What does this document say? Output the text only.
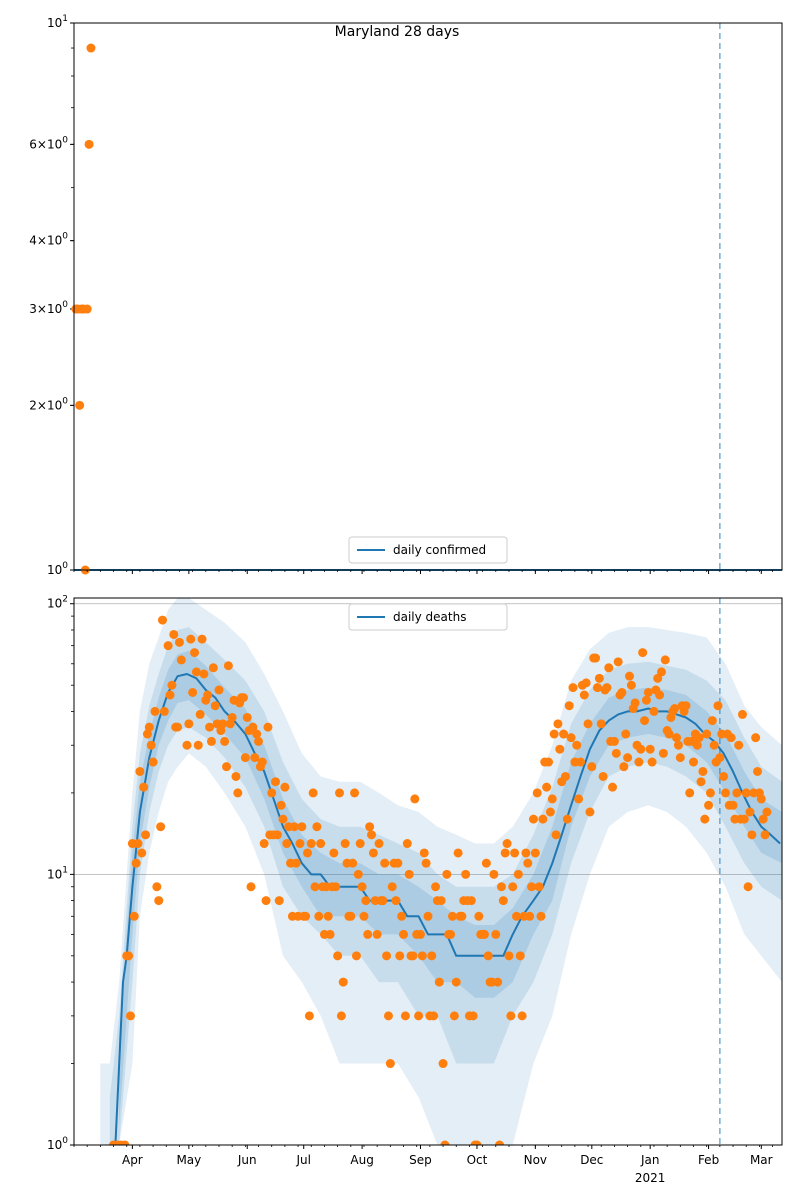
Maryland 28 days
$10^1$
$6\times 10^0$
$4\times 10^0$
$3\times 10^0$
$2\times 10^0$
$10^0$
daily confirmed
$10^0$
$10^1$
$10^2$
Apr	May	Jun	Jul	Aug	Sep	Oct	Nov	Dec	Jan
2021
Feb	Mar
daily deaths
